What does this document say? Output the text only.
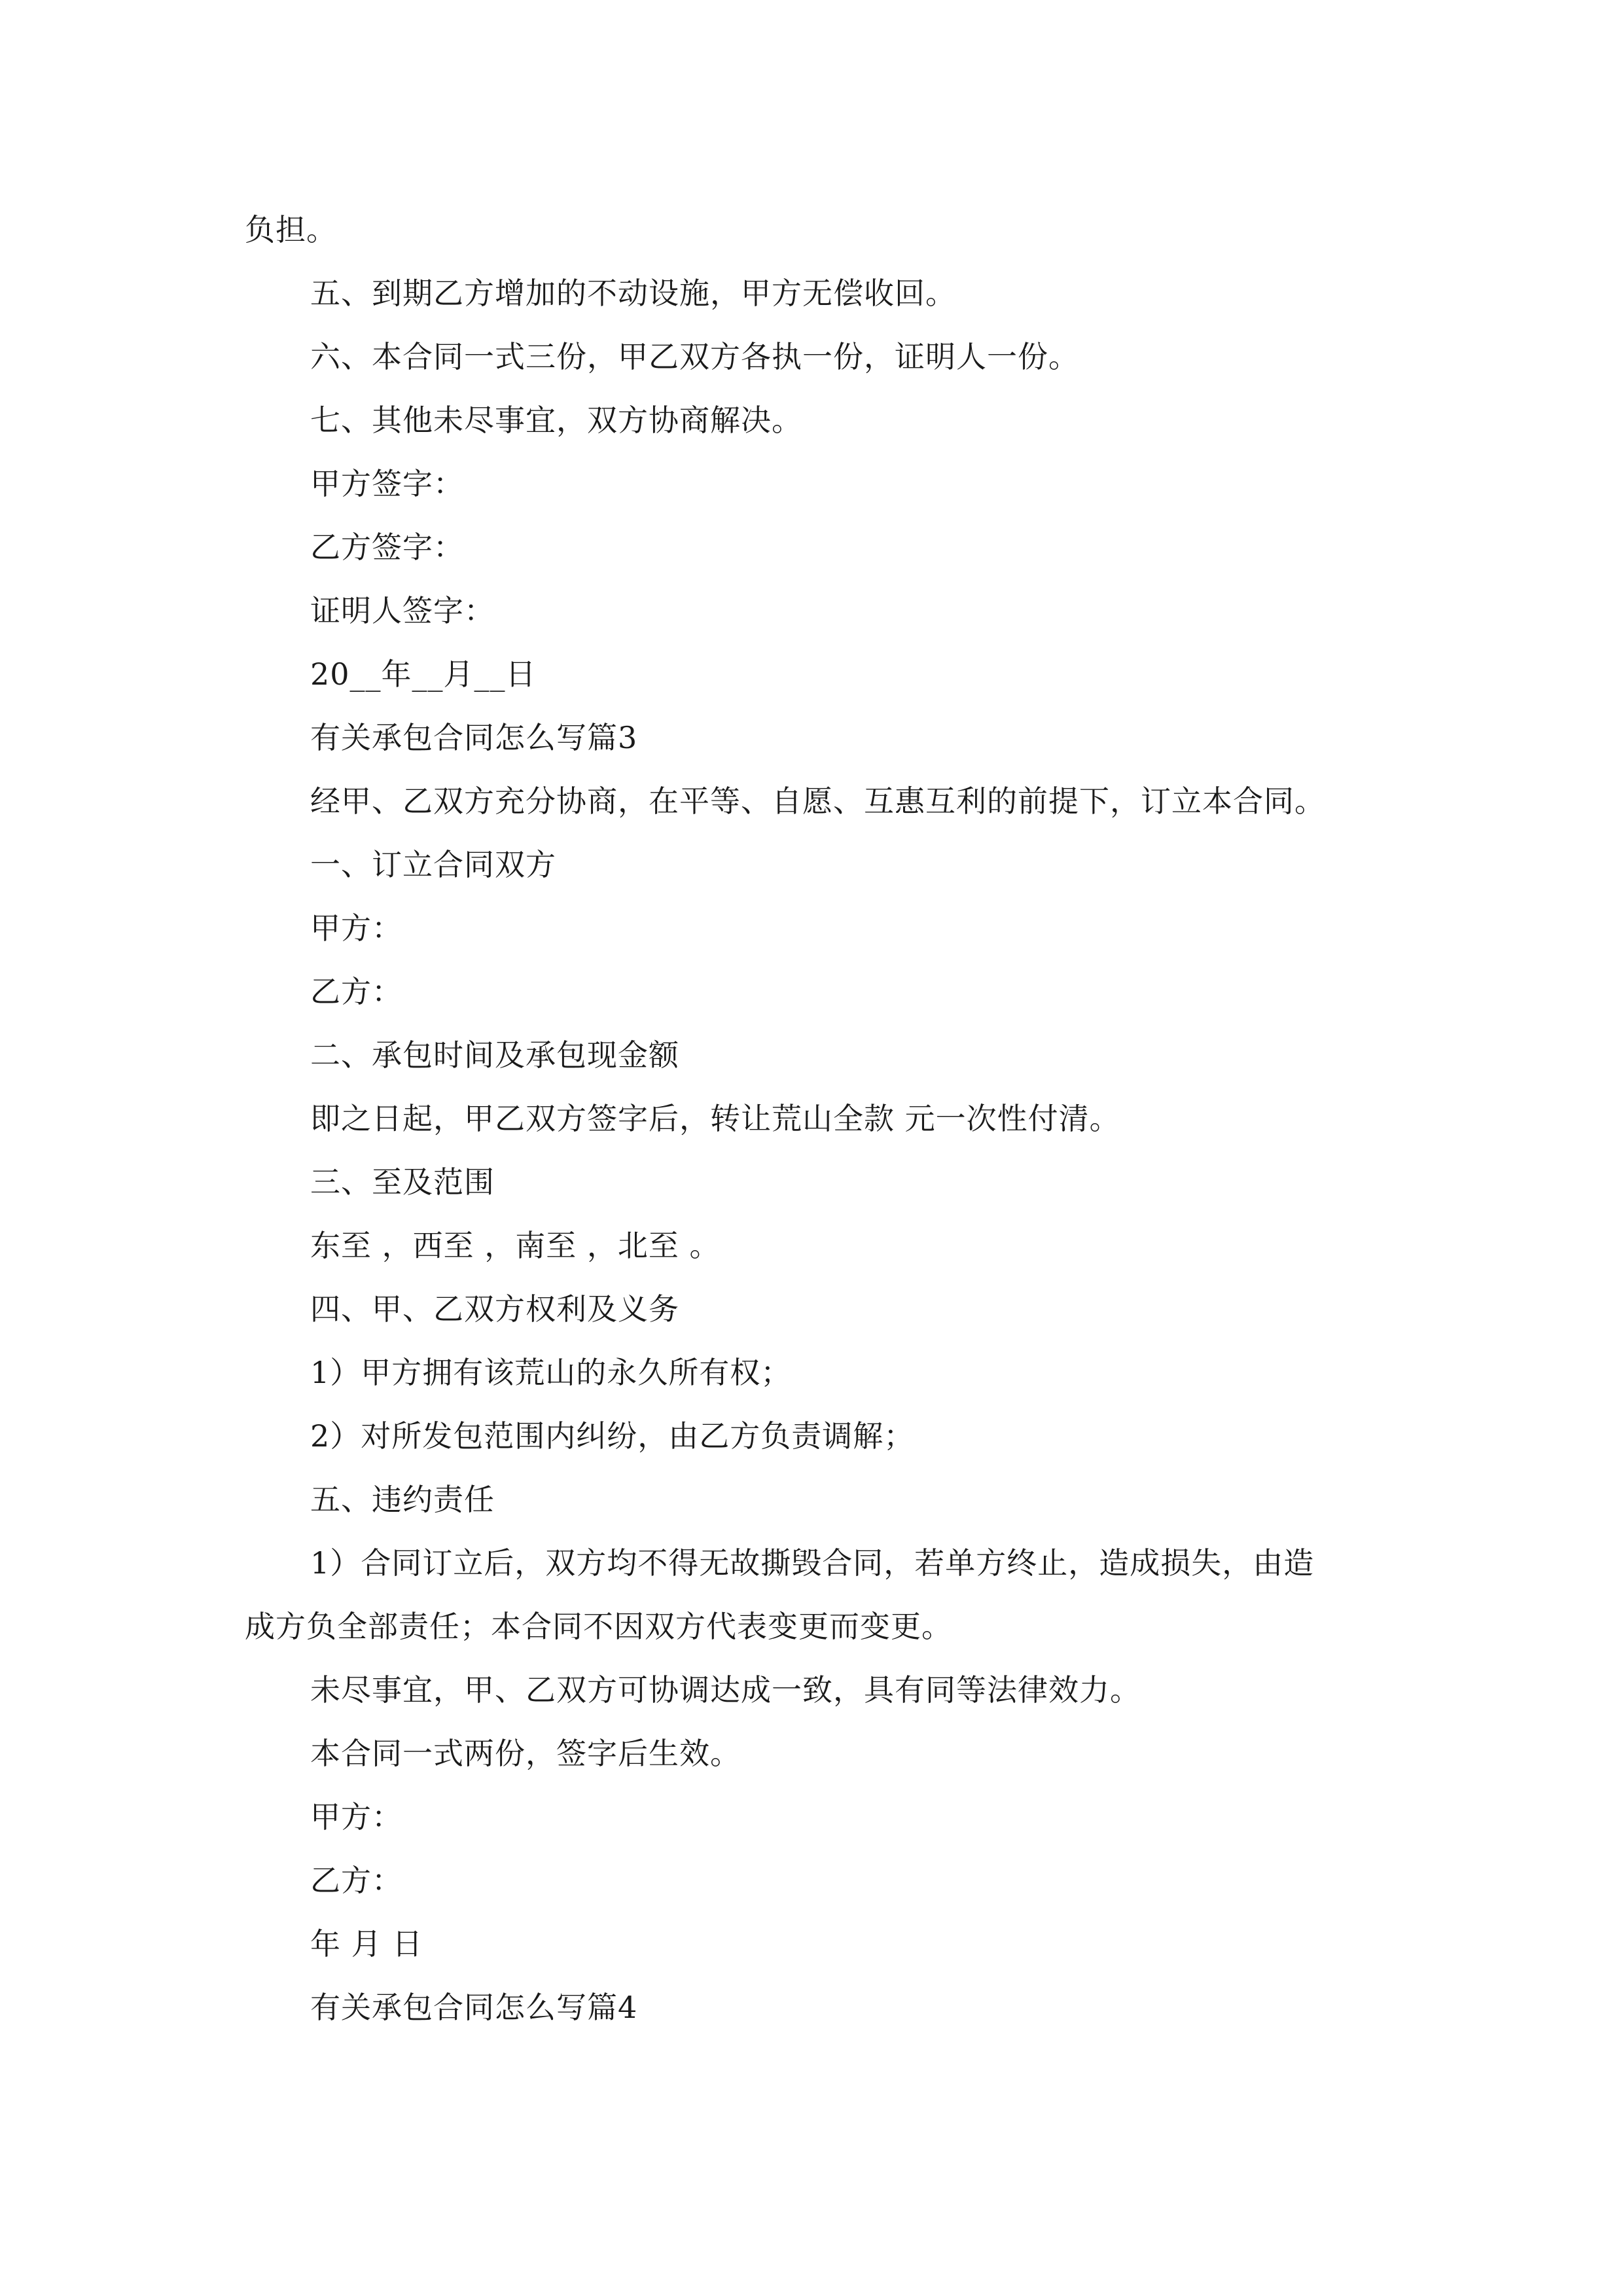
负担。
五、到期乙方增加的不动设施，甲方无偿收回。
六、本合同一式三份，甲乙双方各执一份，证明人一份。
七、其他未尽事宜，双方协商解决。
甲方签字：
乙方签字：
证明人签字：
20__年__月__日
有关承包合同怎么写篇3
经甲、乙双方充分协商，在平等、自愿、互惠互利的前提下，订立本合同。
一、订立合同双方
甲方：
乙方：
二、承包时间及承包现金额
即之日起，甲乙双方签字后，转让荒山全款 元一次性付清。
三、至及范围
东至 ，西至 ，南至 ，北至 。
四、甲、乙双方权利及义务
1）甲方拥有该荒山的永久所有权；
2）对所发包范围内纠纷，由乙方负责调解；
五、违约责任
1）合同订立后，双方均不得无故撕毁合同，若单方终止，造成损失，由造
成方负全部责任；本合同不因双方代表变更而变更。
未尽事宜，甲、乙双方可协调达成一致，具有同等法律效力。
本合同一式两份，签字后生效。
甲方：
乙方：
年 月 日
有关承包合同怎么写篇4
